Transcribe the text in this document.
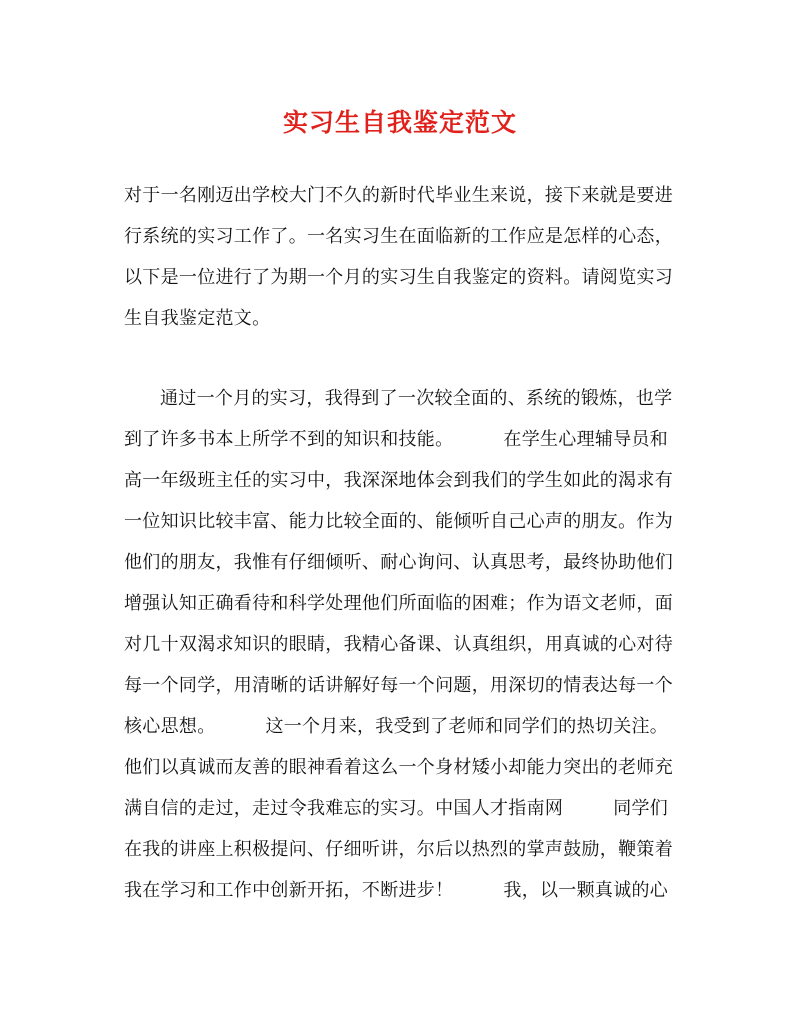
实习生自我鉴定范文
对于一名刚迈出学校大门不久的新时代毕业生来说，接下来就是要进
行系统的实习工作了。一名实习生在面临新的工作应是怎样的心态，
以下是一位进行了为期一个月的实习生自我鉴定的资料。请阅览实习
生自我鉴定范文。
通过一个月的实习，我得到了一次较全面的、系统的锻炼，也学
到了许多书本上所学不到的知识和技能。	在学生心理辅导员和
高一年级班主任的实习中，我深深地体会到我们的学生如此的渴求有
一位知识比较丰富、能力比较全面的、能倾听自己心声的朋友。作为
他们的朋友，我惟有仔细倾听、耐心询问、认真思考，最终协助他们
增强认知正确看待和科学处理他们所面临的困难；作为语文老师，面
对几十双渴求知识的眼睛，我精心备课、认真组织，用真诚的心对待
每一个同学，用清晰的话讲解好每一个问题，用深切的情表达每一个
核心思想。	这一个月来，我受到了老师和同学们的热切关注。
他们以真诚而友善的眼神看着这么一个身材矮小却能力突出的老师充
满自信的走过，走过令我难忘的实习。中国人才指南网	同学们
在我的讲座上积极提问、仔细听讲，尔后以热烈的掌声鼓励，鞭策着
我在学习和工作中创新开拓，不断进步！	我，以一颗真诚的心
